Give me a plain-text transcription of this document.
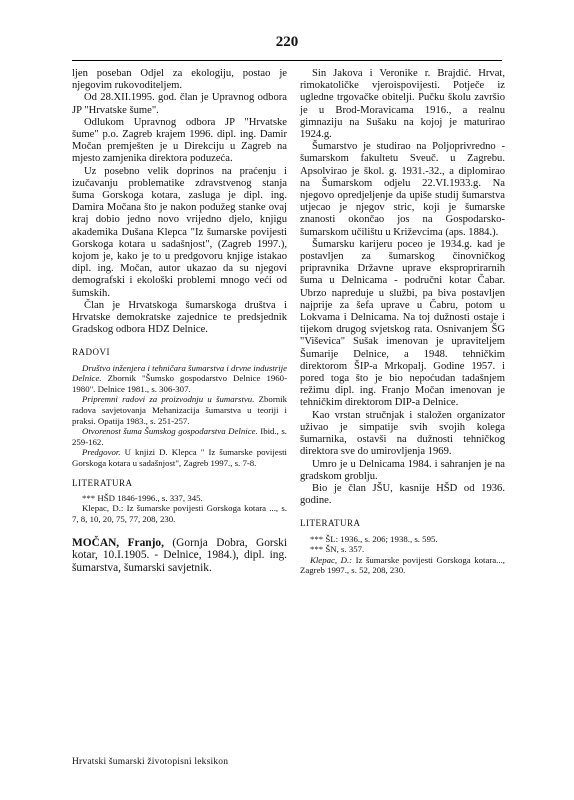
220

ljen poseban Odjel za ekologiju, postao je njegovim rukovoditeljem.

Od 28.XII.1995. god. član je Upravnog odbora JP "Hrvatske šume".

Odlukom Upravnog odbora JP "Hrvatske šume" p.o. Zagreb krajem 1996. dipl. ing. Damir Močan premješten je u Direkciju u Zagreb na mjesto zamjenika direktora poduzeća.

Uz posebno velik doprinos na praćenju i izučavanju problematike zdravstvenog stanja šuma Gorskoga kotara, zasluga je dipl. ing. Damira Močana što je nakon podužeg stanke ovaj kraj dobio jedno novo vrijedno djelo, knjigu akademika Dušana Klepca "Iz šumarske povijesti Gorskoga kotara u sadašnjost", (Zagreb 1997.), kojom je, kako je to u predgovoru knjige istakao dipl. ing. Močan, autor ukazao da su njegovi demografski i ekološki problemi mnogo veći od šumskih.

Član je Hrvatskoga šumarskoga društva i Hrvatske demokratske zajednice te predsjednik Gradskog odbora HDZ Delnice.

RADOVI

Društvo inženjera i tehničara šumarstva i drvne industrije Delnice. Zbornik "Šumsko gospodarstvo Delnice 1960-1980". Delnice 1981., s. 306-307.

Pripremni radovi za proizvodnju u šumarstvu. Zbornik radova savjetovanja Mehanizacija šumarstva u teoriji i praksi. Opatija 1983., s. 251-257.

Otvorenost šuma Šumskog gospodarstva Delnice. Ibid., s. 259-162.

Predgovor. U knjizi D. Klepca " Iz šumarske povijesti Gorskoga kotara u sadašnjost", Zagreb 1997., s. 7-8.

LITERATURA

*** HŠD 1846-1996., s. 337, 345.

Klepac, D.: Iz šumarske povijesti Gorskoga kotara ..., s. 7, 8, 10, 20, 75, 77, 208, 230.

MOČAN, Franjo, (Gornja Dobra, Gorski kotar, 10.I.1905. - Delnice, 1984.), dipl. ing. šumarstva, šumarski savjetnik.

Sin Jakova i Veronike r. Brajdić. Hrvat, rimokatoličke vjeroispovijesti. Potječe iz ugledne trgovačke obitelji. Pučku školu završio je u Brod-Moravicama 1916., a realnu gimnaziju na Sušaku na kojoj je maturirao 1924.g.

Šumarstvo je studirao na Poljoprivredno - šumarskom fakultetu Sveuč. u Zagrebu. Apsolvirao je škol. g. 1931.-32., a diplomirao na Šumarskom odjelu 22.VI.1933.g. Na njegovo opredjeljenje da upiše studij šumarstva utjecao je njegov stric, koji je šumarske znanosti okončao jos na Gospodarsko-šumarskom učilištu u Križevcima (aps. 1884.).

Šumarsku karijeru poceo je 1934.g. kad je postavljen za šumarskog činovničkog pripravnika Državne uprave eksproprirarnih šuma u Delnicama - područni kotar Čabar. Ubrzo napreduje u službi, pa biva postavljen najprije za šefa uprave u Čabru, potom u Lokvama i Delnicama. Na toj dužnosti ostaje i tijekom drugog svjetskog rata. Osnivanjem ŠG "Viševica" Sušak imenovan je upraviteljem Šumarije Delnice, a 1948. tehničkim direktorom ŠIP-a Mrkopalj. Godine 1957. i pored toga što je bio nepoćudan tadašnjem režimu dipl. ing. Franjo Močan imenovan je tehničkim direktorom DIP-a Delnice.

Kao vrstan stručnjak i staložen organizator uživao je simpatije svih svojih kolega šumarnika, ostavši na dužnosti tehničkog direktora sve do umirovljenja 1969.

Umro je u Delnicama 1984. i sahranjen je na gradskom groblju.

Bio je član JŠU, kasnije HŠD od 1936. godine.

LITERATURA

*** ŠL: 1936., s. 206; 1938., s. 595.

*** ŠN, s. 357.

Klepac, D.: Iz šumarske povijesti Gorskoga kotara..., Zagreb 1997., s. 52, 208, 230.

Hrvatski šumarski životopisni leksikon
